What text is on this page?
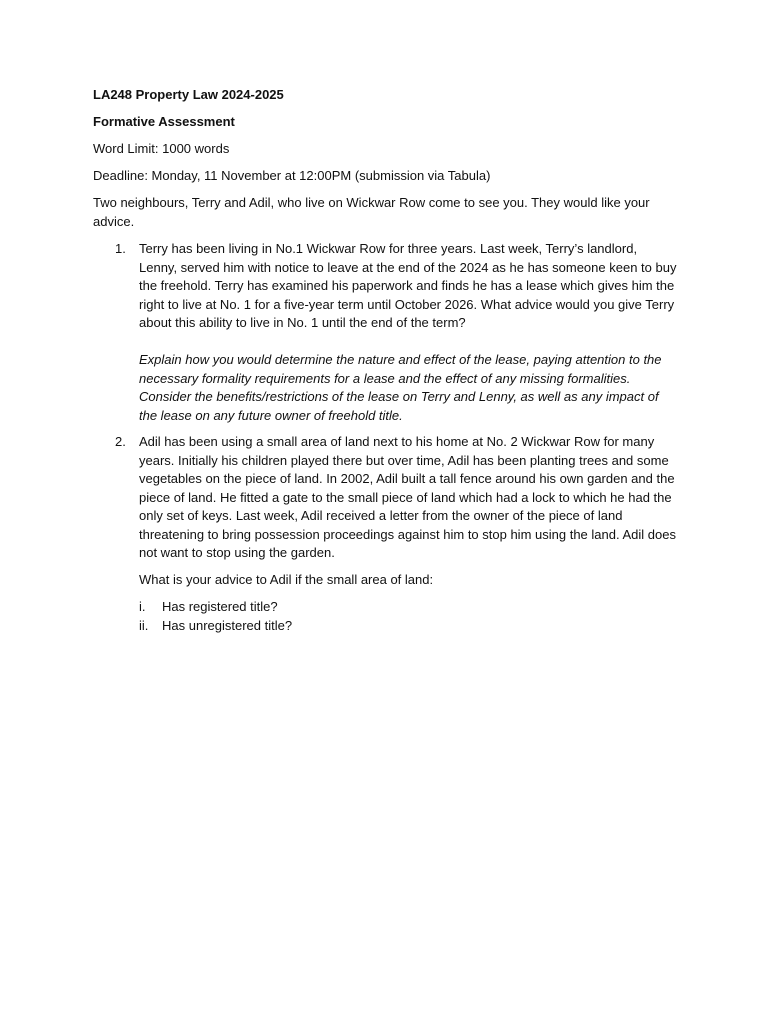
LA248 Property Law 2024-2025

Formative Assessment

Word Limit: 1000 words

Deadline: Monday, 11 November at 12:00PM (submission via Tabula)

Two neighbours, Terry and Adil, who live on Wickwar Row come to see you. They would like your advice.

1. Terry has been living in No.1 Wickwar Row for three years. Last week, Terry’s landlord, Lenny, served him with notice to leave at the end of the 2024 as he has someone keen to buy the freehold. Terry has examined his paperwork and finds he has a lease which gives him the right to live at No. 1 for a five-year term until October 2026. What advice would you give Terry about this ability to live in No. 1 until the end of the term?

Explain how you would determine the nature and effect of the lease, paying attention to the necessary formality requirements for a lease and the effect of any missing formalities. Consider the benefits/restrictions of the lease on Terry and Lenny, as well as any impact of the lease on any future owner of freehold title.

2. Adil has been using a small area of land next to his home at No. 2 Wickwar Row for many years. Initially his children played there but over time, Adil has been planting trees and some vegetables on the piece of land. In 2002, Adil built a tall fence around his own garden and the piece of land. He fitted a gate to the small piece of land which had a lock to which he had the only set of keys. Last week, Adil received a letter from the owner of the piece of land threatening to bring possession proceedings against him to stop him using the land. Adil does not want to stop using the garden.

What is your advice to Adil if the small area of land:

i. Has registered title?
ii. Has unregistered title?
